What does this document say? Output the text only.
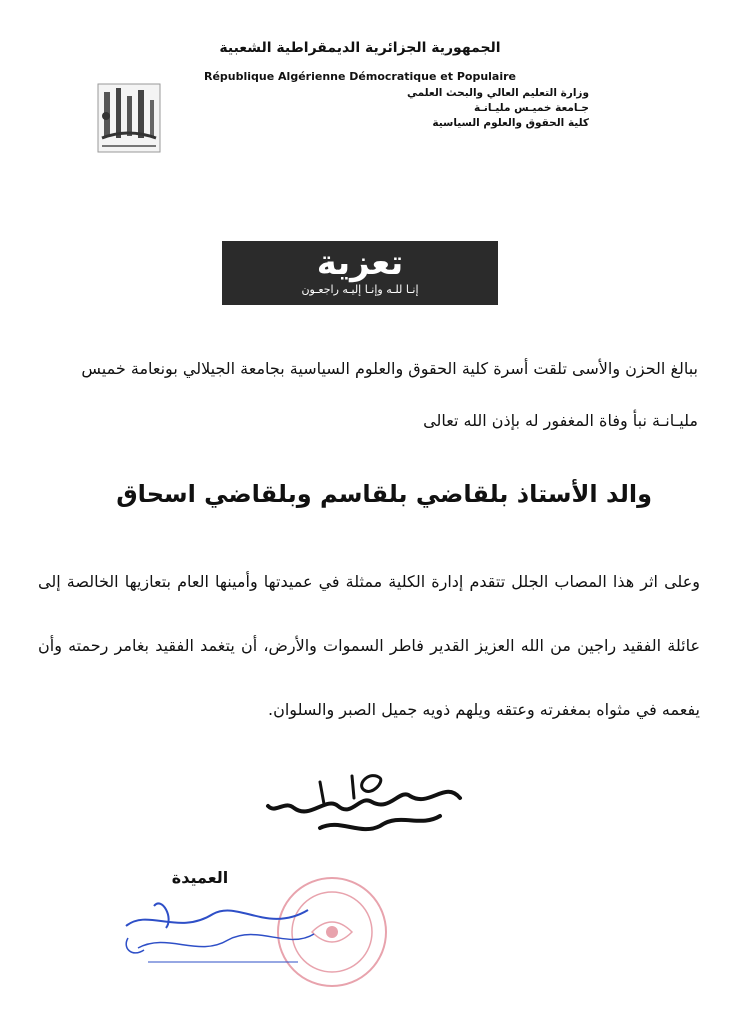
الجمهورية الجزائرية الديمقراطية الشعبية
République Algérienne Démocratique et Populaire
وزارة التعليم العالي والبحث العلمي
جـامعة خميـس مليـانـة
كلية الحقوق والعلوم السياسية
تعزية
إنـا للـه وإنـا إليـه راجعـون
ببالغ الحزن والأسى تلقت أسرة كلية الحقوق والعلوم السياسية بجامعة الجيلالي بونعامة خميس مليـانـة نبأ وفاة المغفور له بإذن الله تعالى
والد الأستاذ بلقاضي بلقاسم وبلقاضي اسحاق
وعلى اثر هذا المصاب الجلل تتقدم إدارة الكلية ممثلة في عميدتها وأمينها العام بتعازيها الخالصة إلى عائلة الفقيد راجين من الله العزيز القدير فاطر السموات والأرض، أن يتغمد الفقيد بغامر رحمته وأن يفعمه في مثواه بمغفرته وعتقه ويلهم ذويه جميل الصبر والسلوان.
العميدة
